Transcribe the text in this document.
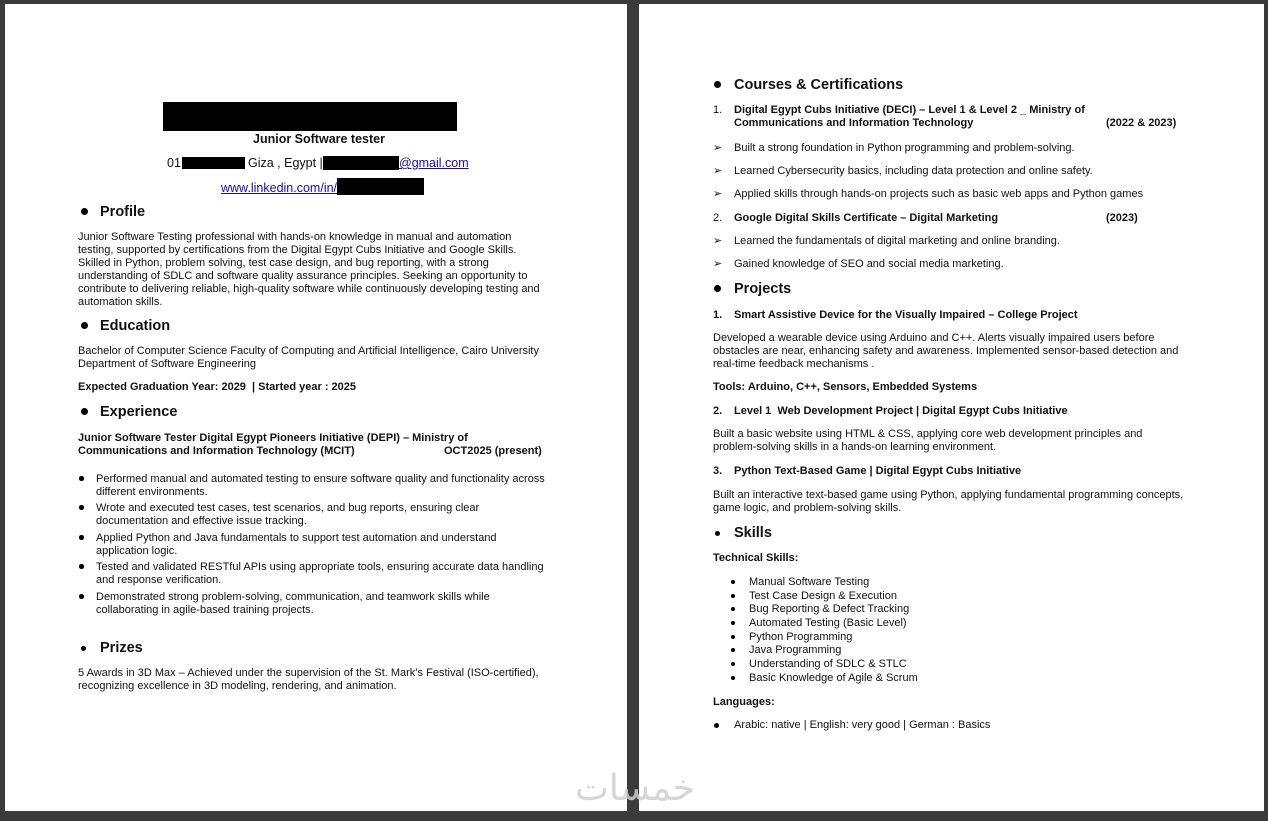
Junior Software tester
01	Giza , Egypt |	@gmail.com
www.linkedin.com/in/
Profile
Junior Software Testing professional with hands-on knowledge in manual and automation
testing, supported by certifications from the Digital Egypt Cubs Initiative and Google Skills.
Skilled in Python, problem solving, test case design, and bug reporting, with a strong
understanding of SDLC and software quality assurance principles. Seeking an opportunity to
contribute to delivering reliable, high-quality software while continuously developing testing and
automation skills.
Education
Bachelor of Computer Science Faculty of Computing and Artificial Intelligence, Cairo University
Department of Software Engineering
Expected Graduation Year: 2029  | Started year : 2025
Experience
Junior Software Tester Digital Egypt Pioneers Initiative (DEPI) – Ministry of
Communications and Information Technology (MCIT)	OCT2025 (present)
Performed manual and automated testing to ensure software quality and functionality across
different environments.
Wrote and executed test cases, test scenarios, and bug reports, ensuring clear
documentation and effective issue tracking.
Applied Python and Java fundamentals to support test automation and understand
application logic.
Tested and validated RESTful APIs using appropriate tools, ensuring accurate data handling
and response verification.
Demonstrated strong problem-solving, communication, and teamwork skills while
collaborating in agile-based training projects.
Prizes
5 Awards in 3D Max – Achieved under the supervision of the St. Mark’s Festival (ISO-certified),
recognizing excellence in 3D modeling, rendering, and animation.
Courses & Certifications
1. Digital Egypt Cubs Initiative (DECI) – Level 1 & Level 2 _ Ministry of
Communications and Information Technology	(2022 & 2023)
➢ Built a strong foundation in Python programming and problem-solving.
➢ Learned Cybersecurity basics, including data protection and online safety.
➢ Applied skills through hands-on projects such as basic web apps and Python games
2. Google Digital Skills Certificate – Digital Marketing	(2023)
➢ Learned the fundamentals of digital marketing and online branding.
➢ Gained knowledge of SEO and social media marketing.
Projects
1. Smart Assistive Device for the Visually Impaired – College Project
Developed a wearable device using Arduino and C++. Alerts visually impaired users before
obstacles are near, enhancing safety and awareness. Implemented sensor-based detection and
real-time feedback mechanisms .
Tools: Arduino, C++, Sensors, Embedded Systems
2. Level 1  Web Development Project | Digital Egypt Cubs Initiative
Built a basic website using HTML & CSS, applying core web development principles and
problem-solving skills in a hands-on learning environment.
3. Python Text-Based Game | Digital Egypt Cubs Initiative
Built an interactive text-based game using Python, applying fundamental programming concepts,
game logic, and problem-solving skills.
Skills
Technical Skills:
Manual Software Testing
Test Case Design & Execution
Bug Reporting & Defect Tracking
Automated Testing (Basic Level)
Python Programming
Java Programming
Understanding of SDLC & STLC
Basic Knowledge of Agile & Scrum
Languages:
Arabic: native | English: very good | German : Basics
خمسات
